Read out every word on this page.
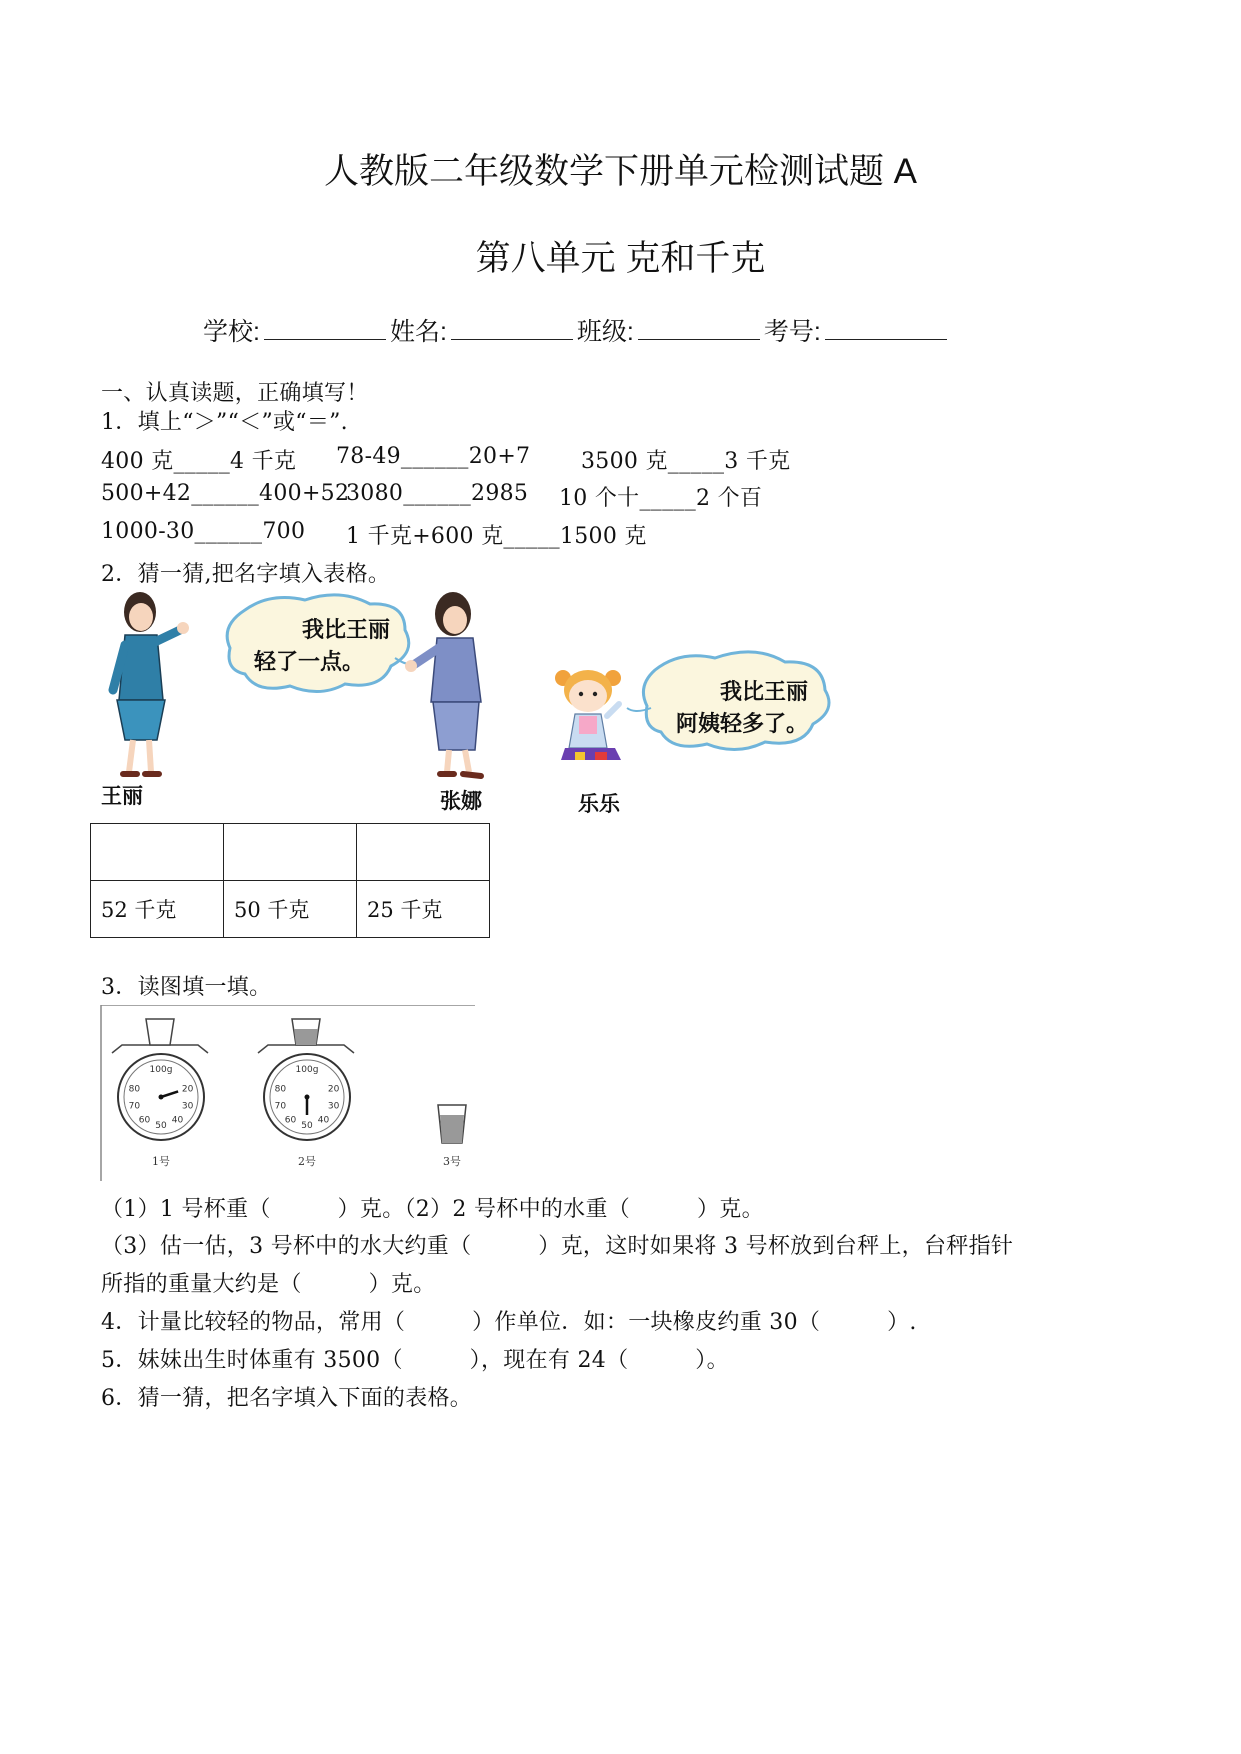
人教版二年级数学下册单元检测试题 A
第八单元 克和千克
学校:	姓名:	班级:	考号:
一、认真读题，正确填写！
1．填上“＞”“＜”或“＝”.
400 克_____4 千克 78-49______20+7 3500 克_____3 千克
500+42______400+52
3080______2985 10 个十_____2 个百
1000-30______700 1 千克+600 克_____1500 克
2．猜一猜,把名字填入表格。
我比王丽
轻了一点。
我比王丽
阿姨轻多了。
王丽	张娜	乐乐

52 千克	50 千克	25 千克
3．读图填一填。
100g
20
30
40
50
60
70
80
100g
20
30
40
50
60
70
80
1号	2号	3号
（1）1 号杯重（　　　）克。（2）2 号杯中的水重（　　　）克。
（3）估一估，3 号杯中的水大约重（　　　）克，这时如果将 3 号杯放到台秤上，台秤指针
所指的重量大约是（　　　）克。
4．计量比较轻的物品，常用（　　　）作单位．如：一块橡皮约重 30（　　　）.
5．妹妹出生时体重有 3500（　　　），现在有 24（　　　）。
6．猜一猜，把名字填入下面的表格。
